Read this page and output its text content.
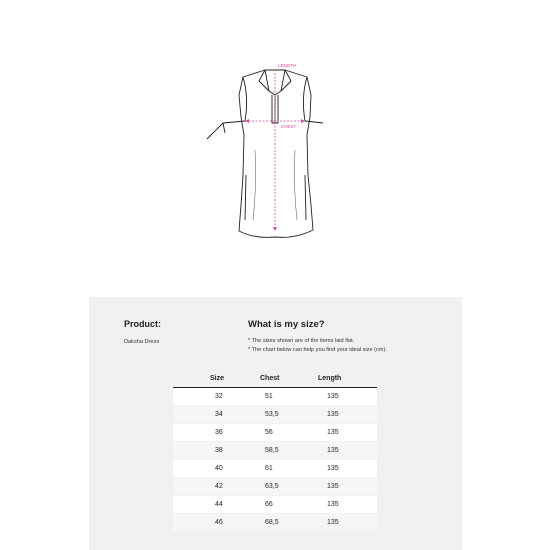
LENGTH
CHEST
Product:
Daksha Dress
What is my size?
* The sizes shown are of the items laid flat.
* The chart below can help you find your ideal size (cm).
Size	Chest	Length
32	51	135
34	53,5	135
36	56	135
38	58,5	135
40	61	135
42	63,5	135
44	66	135
46	68,5	135
